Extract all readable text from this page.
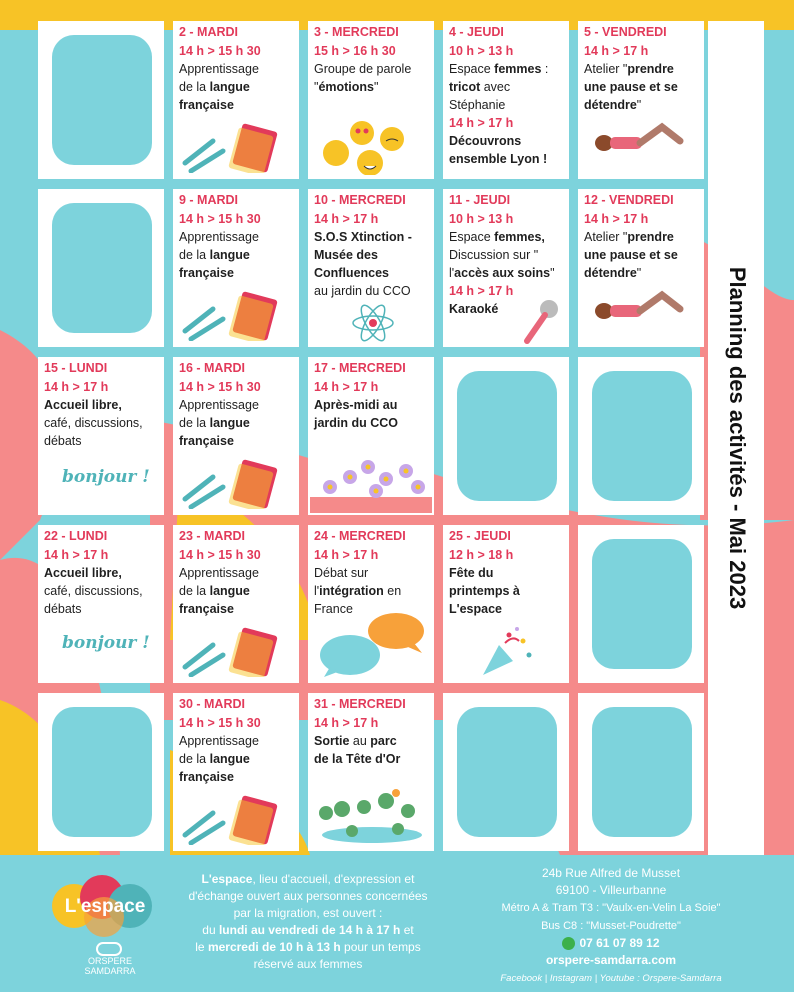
2 - MARDI
14 h > 15 h 30
Apprentissage
de la langue
française
3 - MERCREDI
15 h > 16 h 30
Groupe de parole
"émotions"
4 - JEUDI
10 h > 13 h
Espace femmes :
tricot avec
Stéphanie
14 h > 17 h
Découvrons
ensemble Lyon !
5 - VENDREDI
14 h > 17 h
Atelier "prendre
une pause et se
détendre"
9 - MARDI
14 h > 15 h 30
Apprentissage
de la langue
française
10 - MERCREDI
14 h > 17 h
S.O.S Xtinction -
Musée des
Confluences
au jardin du CCO
11 - JEUDI
10 h > 13 h
Espace femmes,
Discussion sur "
l'accès aux soins"
14 h > 17 h
Karaoké
12 - VENDREDI
14 h > 17 h
Atelier "prendre
une pause et se
détendre"
15 - LUNDI
14 h > 17 h
Accueil libre,
café, discussions,
débats
bonjour !
16 - MARDI
14 h > 15 h 30
Apprentissage
de la langue
française
17 - MERCREDI
14 h > 17 h
Après-midi au
jardin du CCO
22 - LUNDI
14 h > 17 h
Accueil libre,
café, discussions,
débats
bonjour !
23 - MARDI
14 h > 15 h 30
Apprentissage
de la langue
française
24 - MERCREDI
14 h > 17 h
Débat sur
l'intégration en
France
25 - JEUDI
12 h > 18 h
Fête du
printemps à
L'espace
30 - MARDI
14 h > 15 h 30
Apprentissage
de la langue
française
31 - MERCREDI
14 h > 17 h
Sortie au parc
de la Tête d'Or
Planning des activités - Mai 2023
L'espace
ORSPERE SAMDARRA
L'espace, lieu d'accueil, d'expression et
d'échange ouvert aux personnes concernées
par la migration, est ouvert :
du lundi au vendredi de 14 h à 17 h et
le mercredi de 10 h à 13 h pour un temps
réservé aux femmes
24b Rue Alfred de Musset
69100 - Villeurbanne
Métro A & Tram T3 : "Vaulx-en-Velin La Soie"
Bus C8 : "Musset-Poudrette"
07 61 07 89 12
orspere-samdarra.com
Facebook | Instagram | Youtube : Orspere-Samdarra
